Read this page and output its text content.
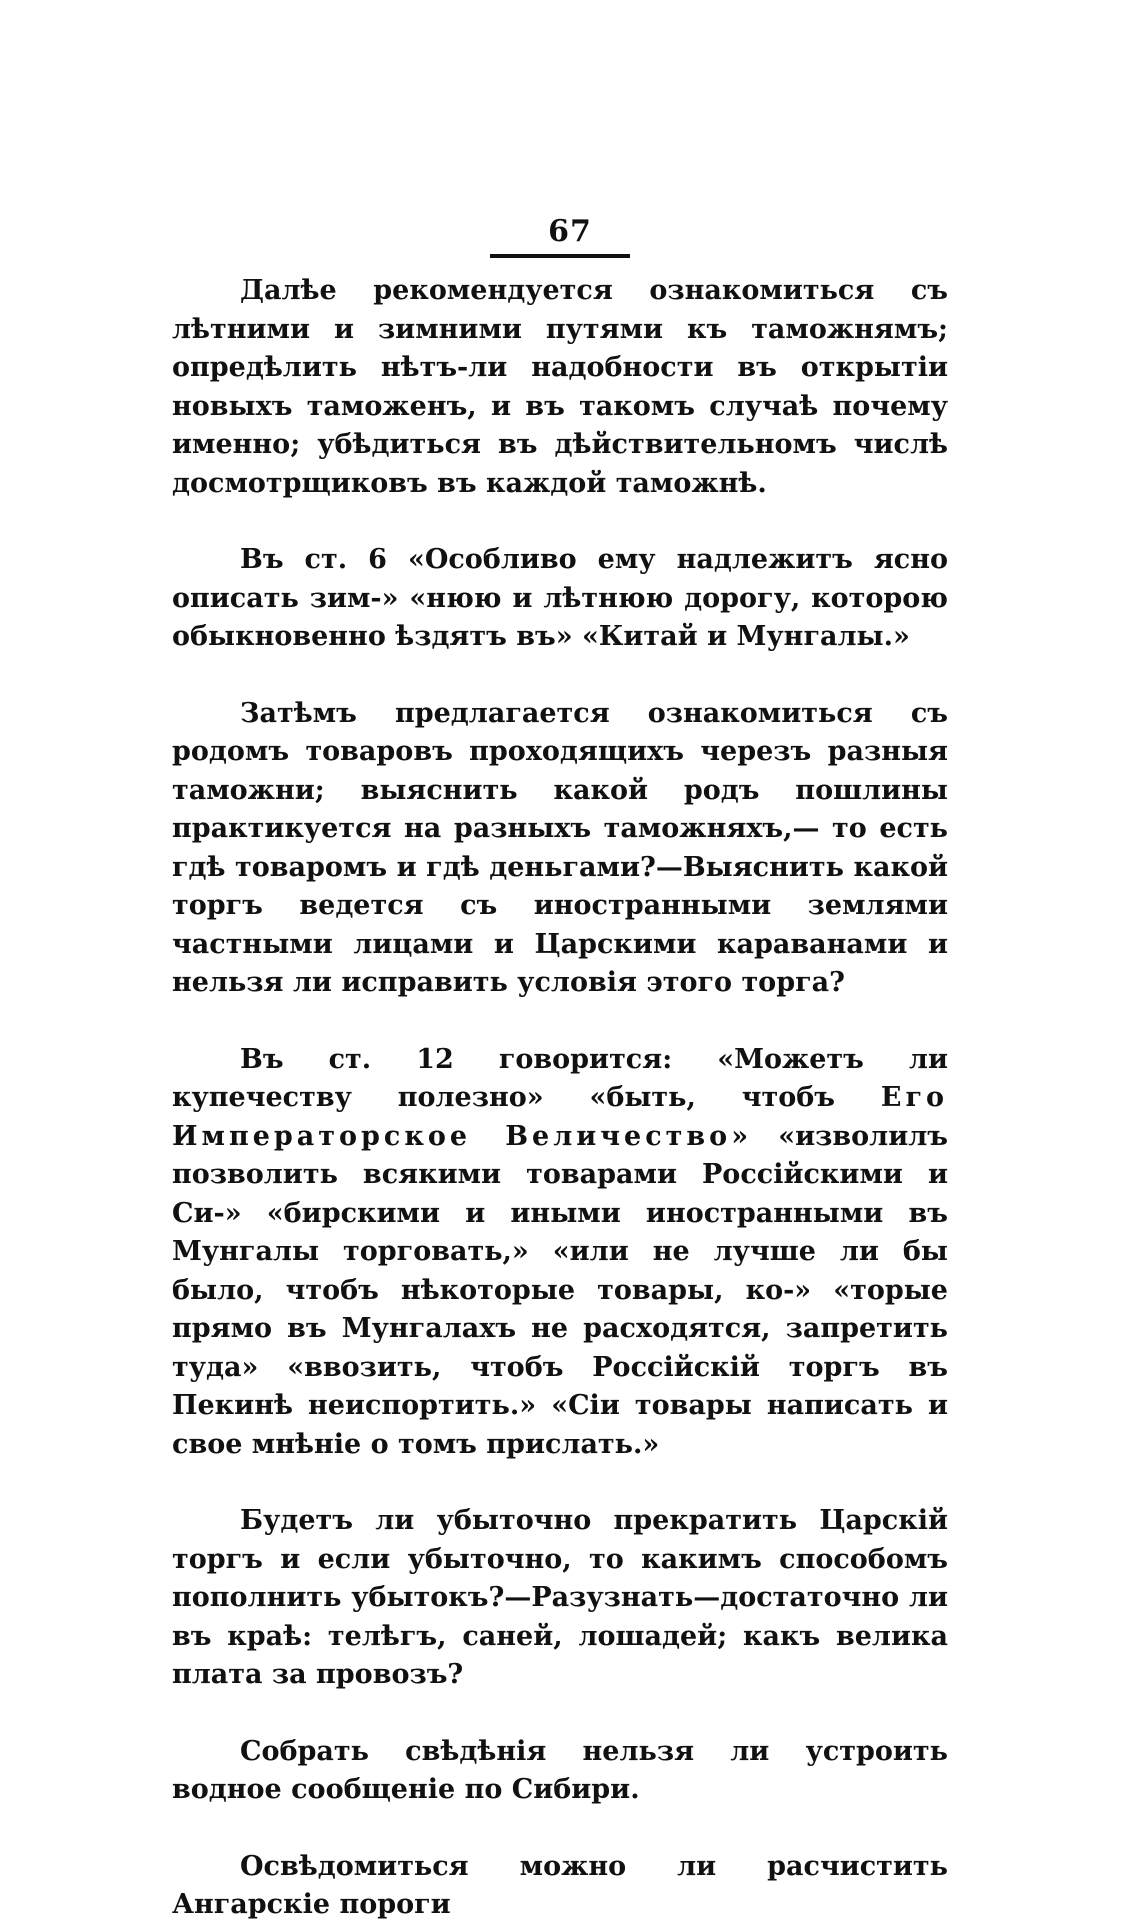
67

Далѣе рекомендуется ознакомиться съ лѣтними и зимними путями къ таможнямъ; опредѣлить нѣтъ-ли надобности въ открытіи новыхъ таможенъ, и въ такомъ случаѣ почему именно; убѣдиться въ дѣйствительномъ числѣ досмотрщиковъ въ каждой таможнѣ.

Въ ст. 6 «Особливо ему надлежитъ ясно описать зим-» «нюю и лѣтнюю дорогу, которою обыкновенно ѣздятъ въ» «Китай и Мунгалы.»

Затѣмъ предлагается ознакомиться съ родомъ товаровъ проходящихъ черезъ разныя таможни; выяснить какой родъ пошлины практикуется на разныхъ таможняхъ,— то есть гдѣ товаромъ и гдѣ деньгами?—Выяснить какой торгъ ведется съ иностранными землями частными лицами и Царскими караванами и нельзя ли исправить условія этого торга?

Въ ст. 12 говорится: «Можетъ ли купечеству полезно» «быть, чтобъ Его Императорское Величество» «изволилъ позволить всякими товарами Россійскими и Си-» «бирскими и иными иностранными въ Мунгалы торговать,» «или не лучше ли бы было, чтобъ нѣкоторые товары, ко-» «торые прямо въ Мунгалахъ не расходятся, запретить туда» «ввозить, чтобъ Россійскій торгъ въ Пекинѣ неиспортить.» «Сіи товары написать и свое мнѣніе о томъ прислать.»

Будетъ ли убыточно прекратить Царскій торгъ и если убыточно, то какимъ способомъ пополнить убытокъ?—Разузнать—достаточно ли въ краѣ: телѣгъ, саней, лошадей; какъ велика плата за провозъ?

Собрать свѣдѣнія нельзя ли устроить водное сообщеніе по Сибири.

Освѣдомиться можно ли расчистить Ангарскіе пороги
